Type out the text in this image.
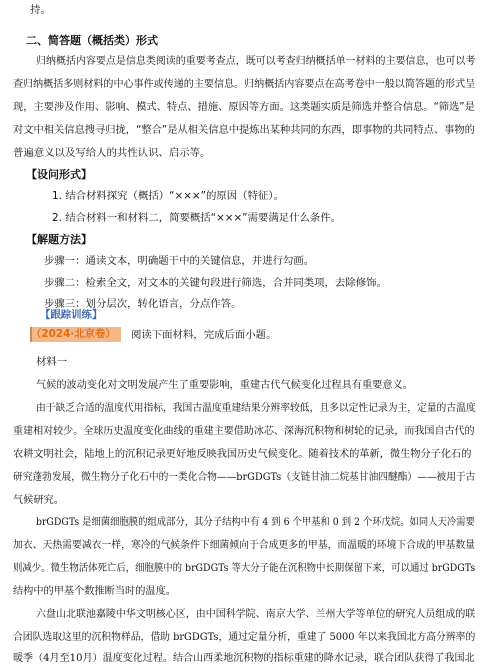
持。
二、简答题（概括类）形式
归纳概括内容要点是信息类阅读的重要考查点，既可以考查归纳概括单一材料的主要信息，也可以考
查归纳概括多则材料的中心事件或传递的主要信息。归纳概括内容要点在高考卷中一般以简答题的形式呈
现，主要涉及作用、影响、模式、特点、措施、原因等方面。这类题实质是筛选并整合信息。“筛选”是
对文中相关信息搜寻归拢，“整合”是从相关信息中提炼出某种共同的东西，即事物的共同特点、事物的
普遍意义以及写给人的共性认识、启示等。
【设问形式】
1. 结合材料探究（概括）“×××”的原因（特征）。
2. 结合材料一和材料二，简要概括“×××”需要满足什么条件。
【解题方法】
步骤一：通读文本，明确题干中的关键信息，并进行勾画。
步骤二：检索全文，对文本的关键句段进行筛选，合并同类项，去除修饰。
步骤三：划分层次，转化语言，分点作答。
【跟踪训练】
（2024·北京卷） 阅读下面材料，完成后面小题。
材料一
气候的波动变化对文明发展产生了重要影响，重建古代气候变化过程具有重要意义。
由于缺乏合适的温度代用指标，我国古温度重建结果分辨率较低，且多以定性记录为主，定量的古温度
重建相对较少。全球历史温度变化曲线的重建主要借助冰芯、深海沉积物和树轮的记录，而我国自古代的
农耕文明社会，陆地上的沉积记录更好地反映我国历史气候变化。随着技术的革新，微生物分子化石的
研究蓬勃发展，微生物分子化石中的一类化合物——brGDGTs（支链甘油二烷基甘油四醚酯）——被用于古
气候研究。
brGDGTs 是细菌细胞膜的组成部分，其分子结构中有 4 到 6 个甲基和 0 到 2 个环戊烷。如同人天冷需要
加衣、天热需要减衣一样，寒冷的气候条件下细菌倾向于合成更多的甲基，而温暖的环境下合成的甲基数量
则减少。微生物活体死亡后，细胞膜中的 brGDGTs 等大分子能在沉积物中长期保留下来，可以通过 brGDGTs
结构中的甲基个数推断当时的温度。
六盘山北联池嘉陵中华文明核心区，由中国科学院、南京大学、兰州大学等单位的研究人员组成的联
合团队选取这里的沉积物样品，借助 brGDGTs，通过定量分析，重建了 5000 年以来我国北方高分辨率的
暖季（4月至10月）温度变化过程。结合山西柔地沉积物的指标重建的降水记录，联合团队获得了我国北
